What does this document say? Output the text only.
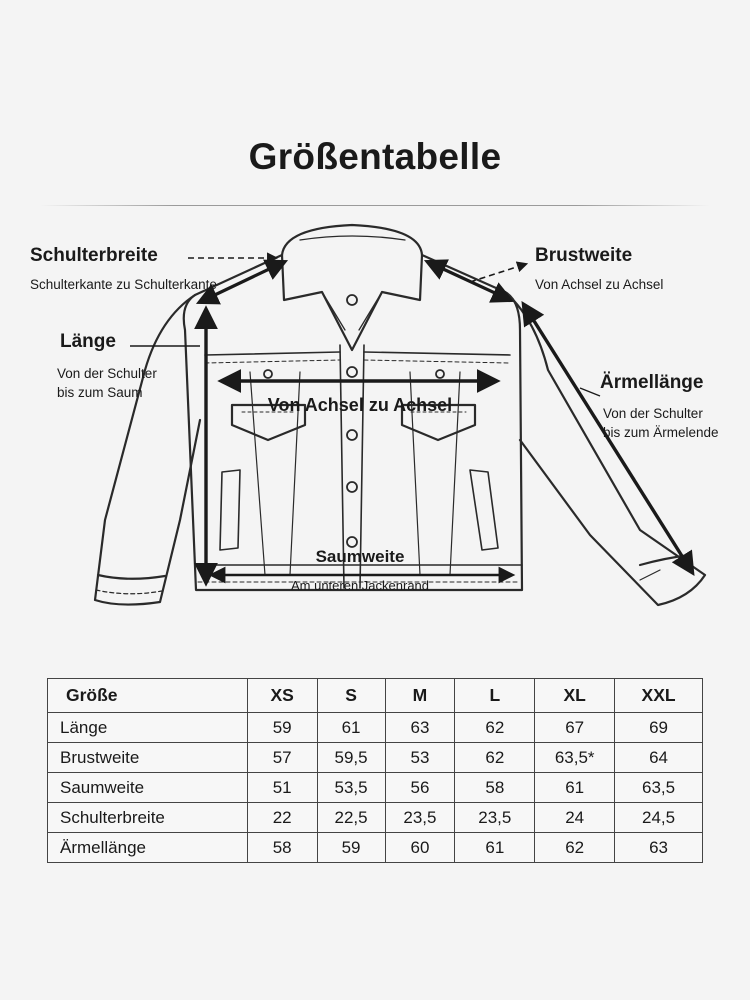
Größentabelle
Schulterbreite
Schulterkante zu Schulterkante
Brustweite
Von Achsel zu Achsel
Länge
Von der Schulter
bis zum Saum	Ärmellänge
Von der Schulter
bis zum Ärmelende
Von Achsel zu Achsel
Saumweite
Am unteren Jackenrand
Größe	XS	S	M	L	XL	XXL
Länge	59	61	63	62	67	69
Brustweite	57	59,5	53	62	63,5*	64
Saumweite	51	53,5	56	58	61	63,5
Schulterbreite	22	22,5	23,5	23,5	24	24,5
Ärmellänge	58	59	60	61	62	63
